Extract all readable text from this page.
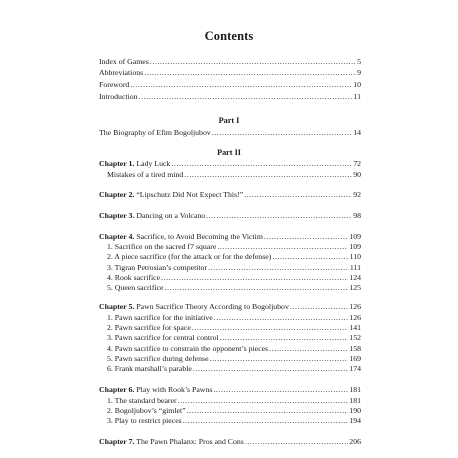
Contents
Index of Games .....	5
Abbreviations .....	9
Foreword .....	10
Introduction .....	11
Part I
The Biography of Efim Bogoljubov .....	14
Part II
Chapter 1. Lady Luck .....	72
Mistakes of a tired mind .....	90
Chapter 2. “Lipschutz Did Not Expect This!” .....	92
Chapter 3. Dancing on a Volcano .....	98
Chapter 4. Sacrifice, to Avoid Becoming the Victim .....	109
1. Sacrifice on the sacred f7 square .....	109
2. A piece sacrifice (for the attack or for the defense) .....	110
3. Tigran Petrosian’s competitor .....	111
4. Rook sacrifice .....	124
5. Queen sacrifice .....	125
Chapter 5. Pawn Sacrifice Theory According to Bogoljubov .....	126
1. Pawn sacrifice for the initiative .....	126
2. Pawn sacrifice for space .....	141
3. Pawn sacrifice for central control .....	152
4. Pawn sacrifice to constrain the opponent’s pieces .....	158
5. Pawn sacrifice during defense .....	169
6. Frank marshall’s parable .....	174
Chapter 6. Play with Rook’s Pawns .....	181
1. The standard bearer .....	181
2. Bogoljubov’s “gimlet” .....	190
3. Play to restrict pieces .....	194
Chapter 7. The Pawn Phalanx: Pros and Cons .....	206
